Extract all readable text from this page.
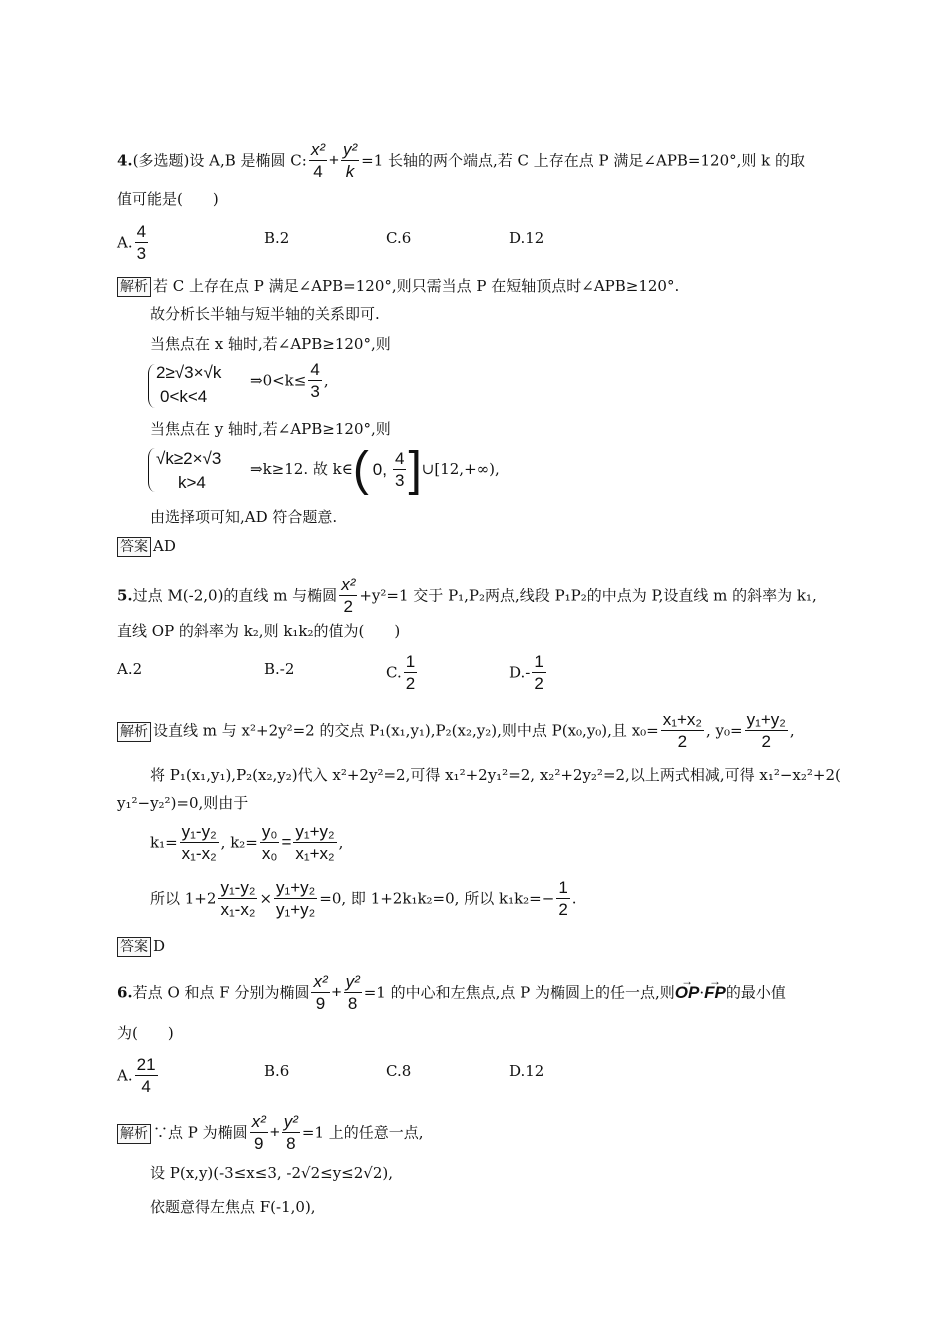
4.(多选题)设 A,B 是椭圆 C: $\frac{\text{x²}}{4} + \frac{\text{y²}}{k} =1$ 长轴的两个端点,若 C 上存在点 P 满足∠APB=120°,则 k 的取
值可能是(　　)
A. $\frac{4}{3}$	B.2	C.6	D.12
解析 若 C 上存在点 P 满足∠APB=120°,则只需当点 P 在短轴顶点时∠APB≥120°.
故分析长半轴与短半轴的关系即可.
当焦点在 x 轴时,若∠APB≥120°,则
2≥√3×√k
0<k<4
⇒0<k≤ $\frac{4}{3}$ ,
当焦点在 y 轴时,若∠APB≥120°,则
√k≥2×√3
k>4
⇒k≥12. 故 k∈( 0, $\frac{4}{3}$ ]∪[12,+∞),
由选择项可知,AD 符合题意.
答案 AD
5.过点 M(-2,0)的直线 m 与椭圆 $\frac{\text{x²}}{2} +y^2=1$ 交于 P₁,P₂两点,线段 P₁P₂的中点为 P,设直线 m 的斜率为 k₁,
直线 OP 的斜率为 k₂,则 k₁k₂的值为(　　)
A.2	B.-2	C. $\frac{1}{2}$	$D.- \frac{1}{2}$
解析 设直线 m 与 x²+2y²=2 的交点 P₁(x₁,y₁),P₂(x₂,y₂),则中点 P(x₀,y₀),且 $x_0= \frac{\text{x₁+x₂}}{2}$ , $y_0= \frac{\text{y₁+y₂}}{2}$ ,
将 P₁(x₁,y₁),P₂(x₂,y₂)代入 x²+2y²=2,可得 x₁²+2y₁²=2, x₂²+2y₂²=2,以上两式相减,可得 x₁²−x₂²+2(
y₁²−y₂²)=0,则由于
$k_1= \frac{\text{y₁-y₂}}{\text{x₁-x₂}}$ , $k_2= \frac{\text{y₀}}{\text{x₀}} = \frac{\text{y₁+y₂}}{\text{x₁+x₂}}$ ,
所以 $1+2 \frac{\text{y₁-y₂}}{\text{x₁-x₂}} \times \frac{\text{y₁+y₂}}{\text{y₁+y₂}} =0$, 即 1+2k₁k₂=0, 所以 $k_1k_2=- \frac{1}{2}$ .
答案 D
6.若点 O 和点 F 分别为椭圆 $\frac{\text{x²}}{9} + \frac{\text{y²}}{8} =1$ 的中心和左焦点,点 P 为椭圆上的任一点,则→ OP·→ FP的最小值
为(　　)
A. $\frac{21}{4}$	B.6	C.8	D.12
解析 ∵点 P 为椭圆 $\frac{\text{x²}}{9} + \frac{\text{y²}}{8} =1$ 上的任意一点,
设 P(x,y)(-3≤x≤3, -2√2≤y≤2√2),
依题意得左焦点 F(-1,0),
